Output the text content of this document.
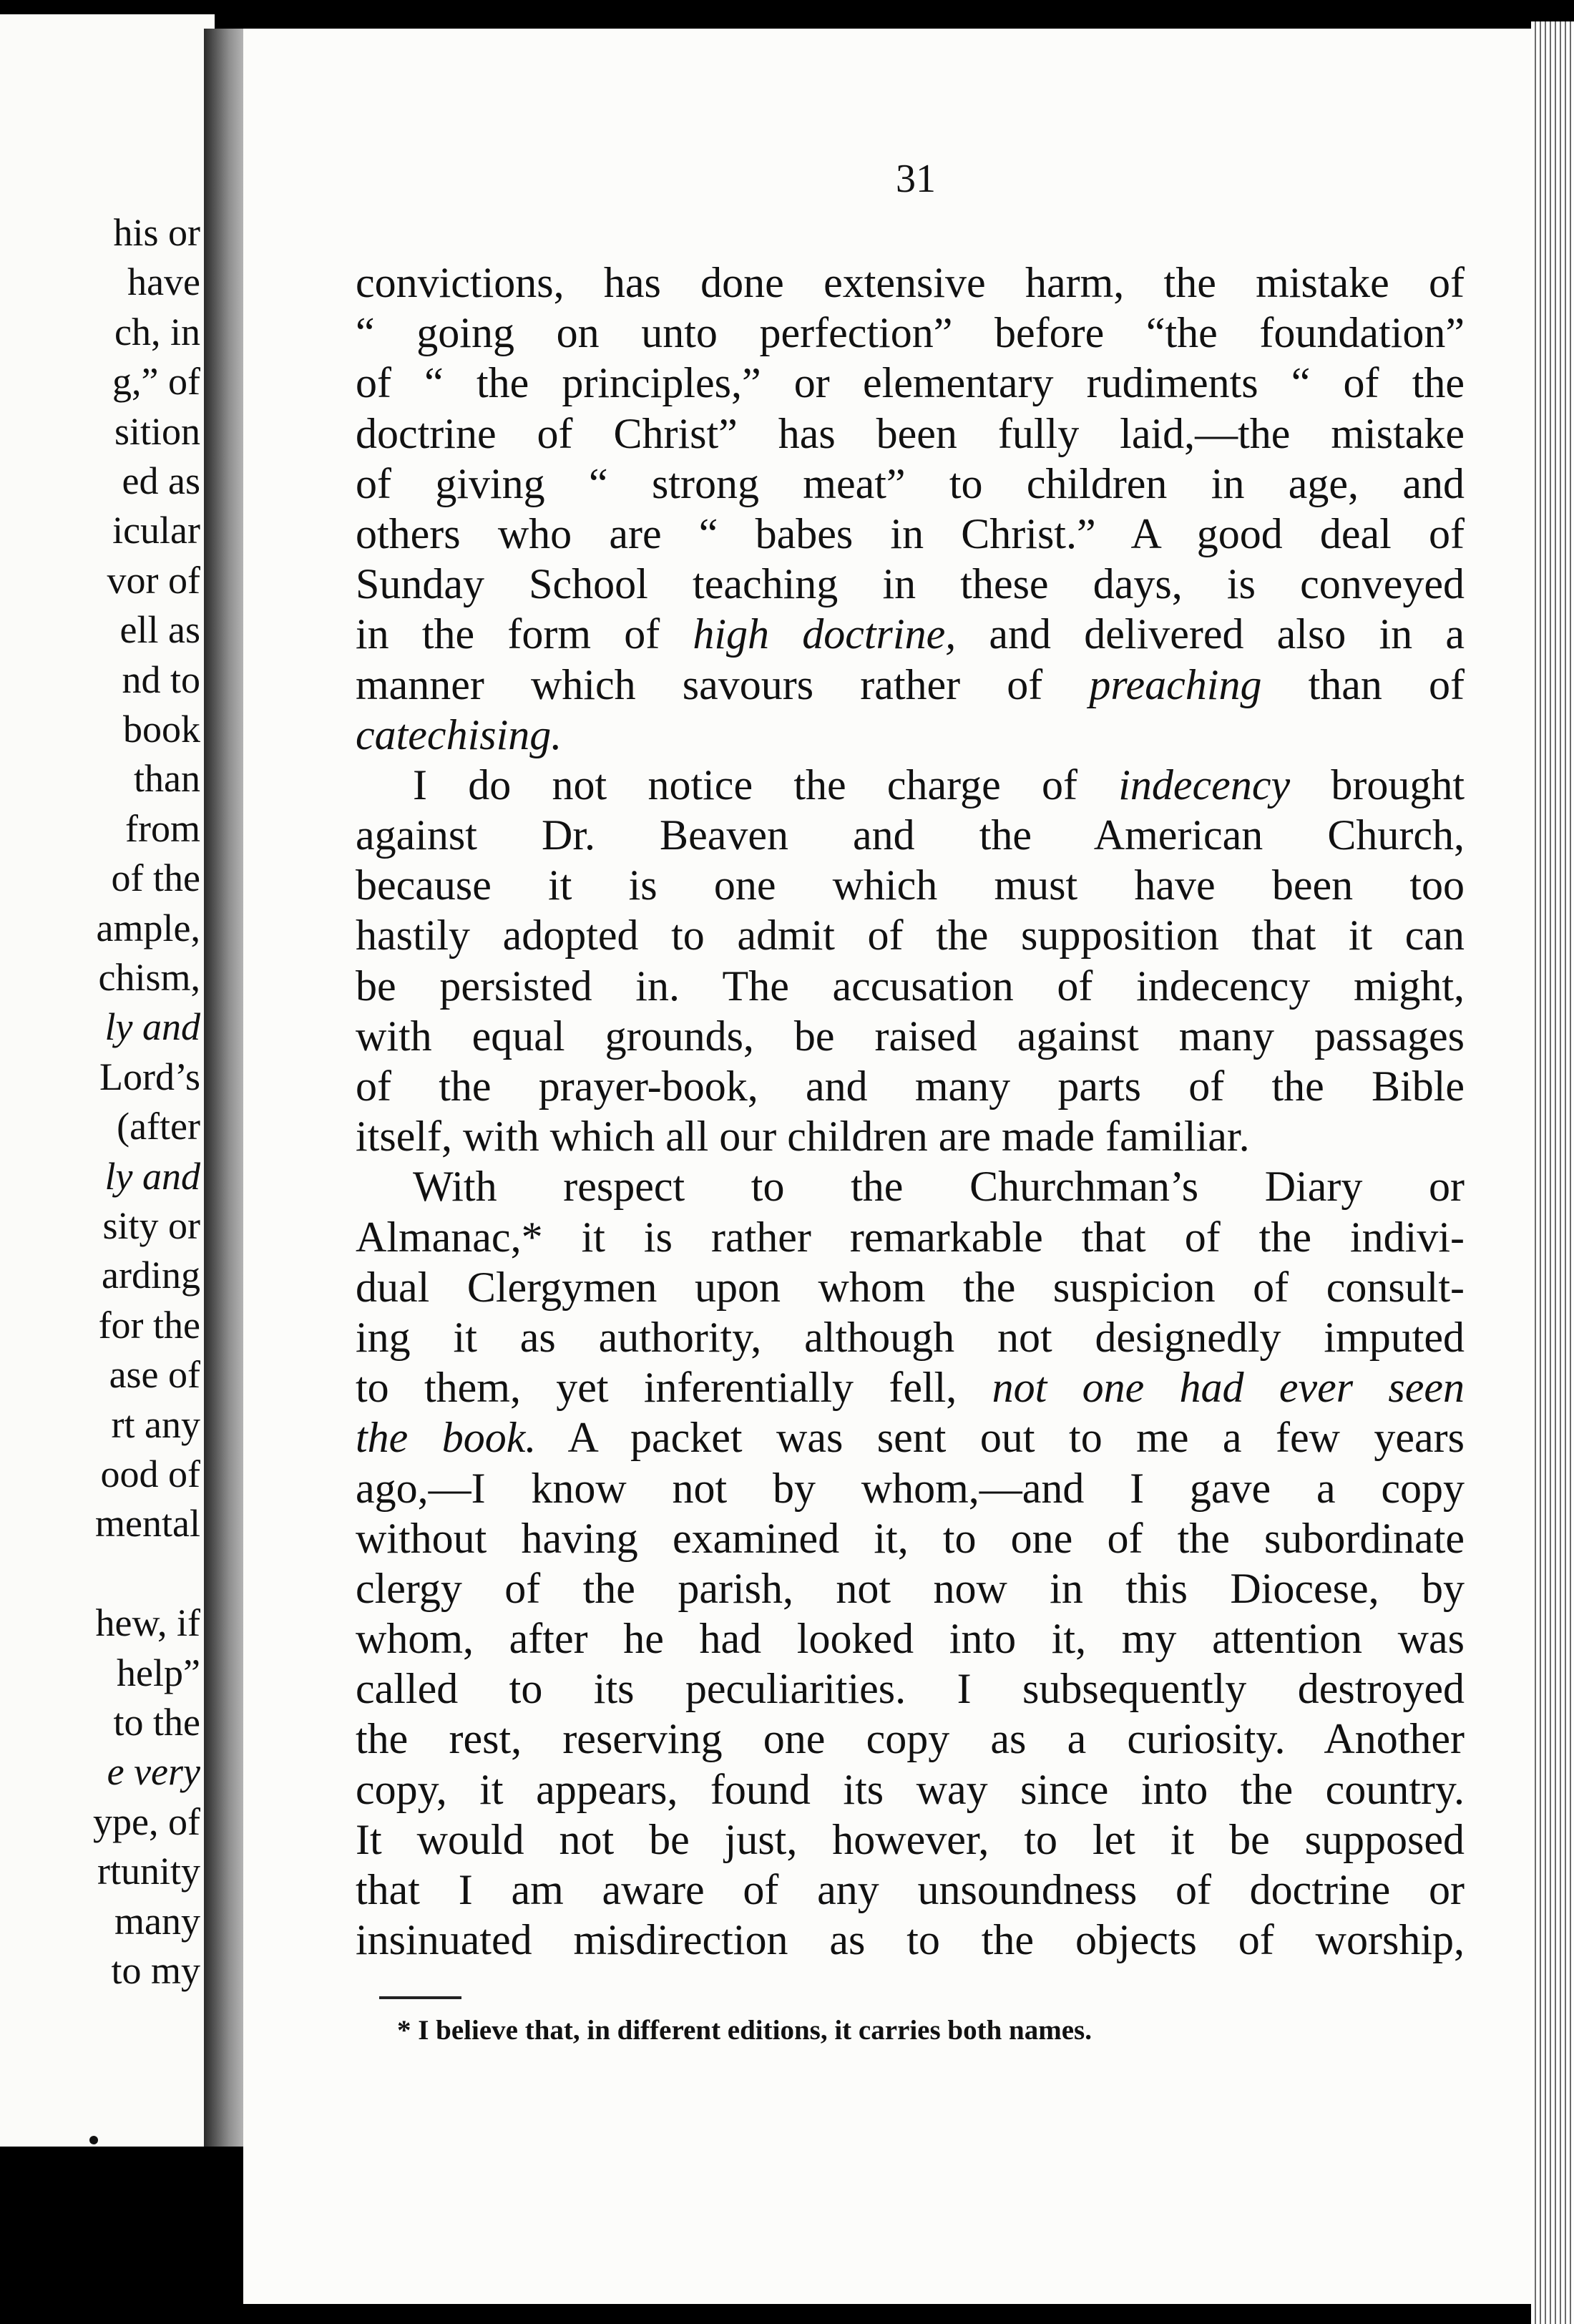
his or
have
ch, in
g,” of
sition
ed as
icular
vor of
ell as
nd to
book
than
from
of the
ample,
chism,
ly and
Lord’s
(after
ly and
sity or
arding
for the
ase of
rt any
ood of
mental
hew, if
help”
to the
e very
ype, of
rtunity
many
to my
31
convictions, has done extensive harm, the mistake of
“ going on unto perfection” before “the foundation”
of “ the principles,” or elementary rudiments “ of the
doctrine of Christ” has been fully laid,—the mistake
of giving “ strong meat” to children in age, and
others who are “ babes in Christ.” A good deal of
Sunday School teaching in these days, is conveyed
in the form of high doctrine, and delivered also in a
manner which savours rather of preaching than of
catechising.
I do not notice the charge of indecency brought
against Dr. Beaven and the American Church,
because it is one which must have been too
hastily adopted to admit of the supposition that it can
be persisted in. The accusation of indecency might,
with equal grounds, be raised against many passages
of the prayer-book, and many parts of the Bible
itself, with which all our children are made familiar.
With respect to the Churchman’s Diary or
Almanac,* it is rather remarkable that of the indivi-
dual Clergymen upon whom the suspicion of consult-
ing it as authority, although not designedly imputed
to them, yet inferentially fell, not one had ever seen
the book. A packet was sent out to me a few years
ago,—I know not by whom,—and I gave a copy
without having examined it, to one of the subordinate
clergy of the parish, not now in this Diocese, by
whom, after he had looked into it, my attention was
called to its peculiarities. I subsequently destroyed
the rest, reserving one copy as a curiosity. Another
copy, it appears, found its way since into the country.
It would not be just, however, to let it be supposed
that I am aware of any unsoundness of doctrine or
insinuated misdirection as to the objects of worship,
* I believe that, in different editions, it carries both names.
